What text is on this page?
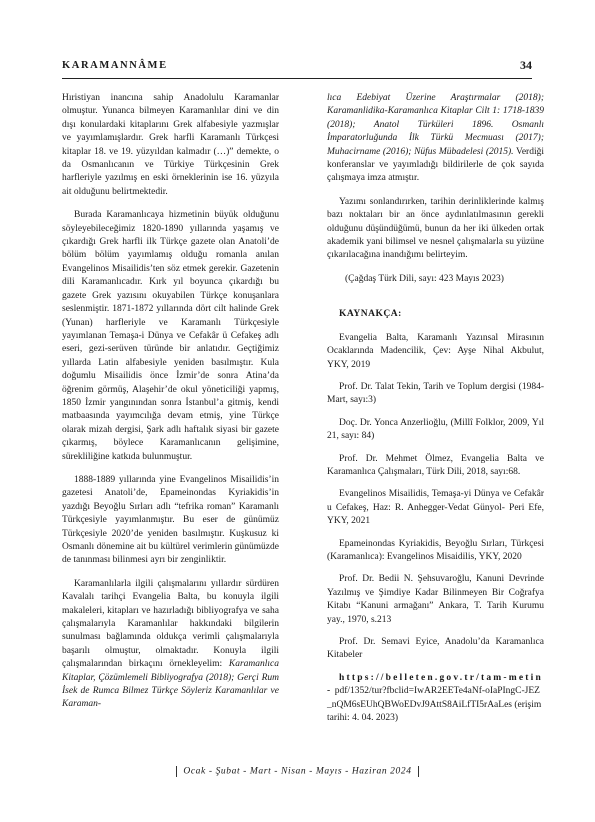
KARAMANNÂME	34

Hıristiyan inancına sahip Anadolulu Karamanlar olmuştur. Yunanca bilmeyen Karamanlılar dini ve din dışı konulardaki kitaplarını Grek alfabesiyle yazmışlar ve yayımlamışlardır. Grek harfli Karamanlı Türkçesi kitaplar 18. ve 19. yüzyıldan kalmadır (…)” demekte, o da Osmanlıcanın ve Türkiye Türkçesinin Grek harfleriyle yazılmış en eski örneklerinin ise 16. yüzyıla ait olduğunu belirtmektedir.

Burada Karamanlıcaya hizmetinin büyük olduğunu söyleyebileceğimiz 1820-1890 yıllarında yaşamış ve çıkardığı Grek harfli ilk Türkçe gazete olan Anatoli’de bölüm bölüm yayımlamış olduğu romanla anılan Evangelinos Misailidis’ten söz etmek gerekir. Gazetenin dili Karamanlıcadır. Kırk yıl boyunca çıkardığı bu gazete Grek yazısını okuyabilen Türkçe konuşanlara seslenmiştir. 1871-1872 yıllarında dört cilt halinde Grek (Yunan) harfleriyle ve Karamanlı Türkçesiyle yayımlanan Temaşa-i Dünya ve Cefakâr ü Cefakeş adlı eseri, gezi-serüven türünde bir anlatıdır. Geçtiğimiz yıllarda Latin alfabesiyle yeniden basılmıştır. Kula doğumlu Misailidis önce İzmir’de sonra Atina’da öğrenim görmüş, Alaşehir’de okul yöneticiliği yapmış, 1850 İzmir yangınından sonra İstanbul’a gitmiş, kendi matbaasında yayımcılığa devam etmiş, yine Türkçe olarak mizah dergisi, Şark adlı haftalık siyasi bir gazete çıkarmış, böylece Karamanlıcanın gelişimine, sürekliliğine katkıda bulunmuştur.

1888-1889 yıllarında yine Evangelinos Misailidis’in gazetesi Anatoli’de, Epameinondas Kyriakidis’in yazdığı Beyoğlu Sırları adlı “tefrika roman” Karamanlı Türkçesiyle yayımlanmıştır. Bu eser de günümüz Türkçesiyle 2020’de yeniden basılmıştır. Kuşkusuz ki Osmanlı dönemine ait bu kültürel verimlerin günümüzde de tanınması bilinmesi ayrı bir zenginliktir.

Karamanlılarla ilgili çalışmalarını yıllardır sürdüren Kavalalı tarihçi Evangelia Balta, bu konuyla ilgili makaleleri, kitapları ve hazırladığı bibliyografya ve saha çalışmalarıyla Karamanlılar hakkındaki bilgilerin sunulması bağlamında oldukça verimli çalışmalarıyla başarılı olmuştur, olmaktadır. Konuyla ilgili çalışmalarından birkaçını örnekleyelim: Karamanlıca Kitaplar, Çözümlemeli Bibliyografya (2018); Gerçi Rum İsek de Rumca Bilmez Türkçe Söyleriz Karamanlılar ve Karaman-

lıca Edebiyat Üzerine Araştırmalar (2018); Karamanlidika-Karamanlıca Kitaplar Cilt 1: 1718-1839 (2018); Anatol Türküleri 1896. Osmanlı İmparatorluğunda İlk Türkü Mecmuası (2017); Muhacirname (2016); Nüfus Mübadelesi (2015). Verdiği konferanslar ve yayımladığı bildirilerle de çok sayıda çalışmaya imza atmıştır.

Yazımı sonlandırırken, tarihin derinliklerinde kalmış bazı noktaları bir an önce aydınlatılmasının gerekli olduğunu düşündüğümü, bunun da her iki ülkeden ortak akademik yani bilimsel ve nesnel çalışmalarla su yüzüne çıkarılacağına inandığımı belirteyim.

(Çağdaş Türk Dili, sayı: 423 Mayıs 2023)

KAYNAKÇA:

Evangelia Balta, Karamanlı Yazınsal Mirasının Ocaklarında Madencilik, Çev: Ayşe Nihal Akbulut, YKY, 2019

Prof. Dr. Talat Tekin, Tarih ve Toplum dergisi (1984-Mart, sayı:3)

Doç. Dr. Yonca Anzerlioğlu, (Millî Folklor, 2009, Yıl 21, sayı: 84)

Prof. Dr. Mehmet Ölmez, Evangelia Balta ve Karamanlıca Çalışmaları, Türk Dili, 2018, sayı:68.

Evangelinos Misailidis, Temaşa-yi Dünya ve Cefakâr u Cefakeş, Haz: R. Anhegger-Vedat Günyol- Peri Efe, YKY, 2021

Epameinondas Kyriakidis, Beyoğlu Sırları, Türkçesi (Karamanlıca): Evangelinos Misaidilis, YKY, 2020

Prof. Dr. Bedii N. Şehsuvaroğlu, Kanuni Devrinde Yazılmış ve Şimdiye Kadar Bilinmeyen Bir Coğrafya Kitabı “Kanuni armağanı” Ankara, T. Tarih Kurumu yay., 1970, s.213

Prof. Dr. Semavi Eyice, Anadolu’da Karamanlıca Kitabeler

https://belleten.gov.tr/tam-metin- pdf/1352/tur?fbclid=IwAR2EETe4aNf-oIaPIngC-JEZ_nQM6sEUhQBWoEDvJ9AttS8AiLfTI5rAaLes (erişim tarihi: 4. 04. 2023)

Ocak - Şubat - Mart - Nisan - Mayıs - Haziran 2024
